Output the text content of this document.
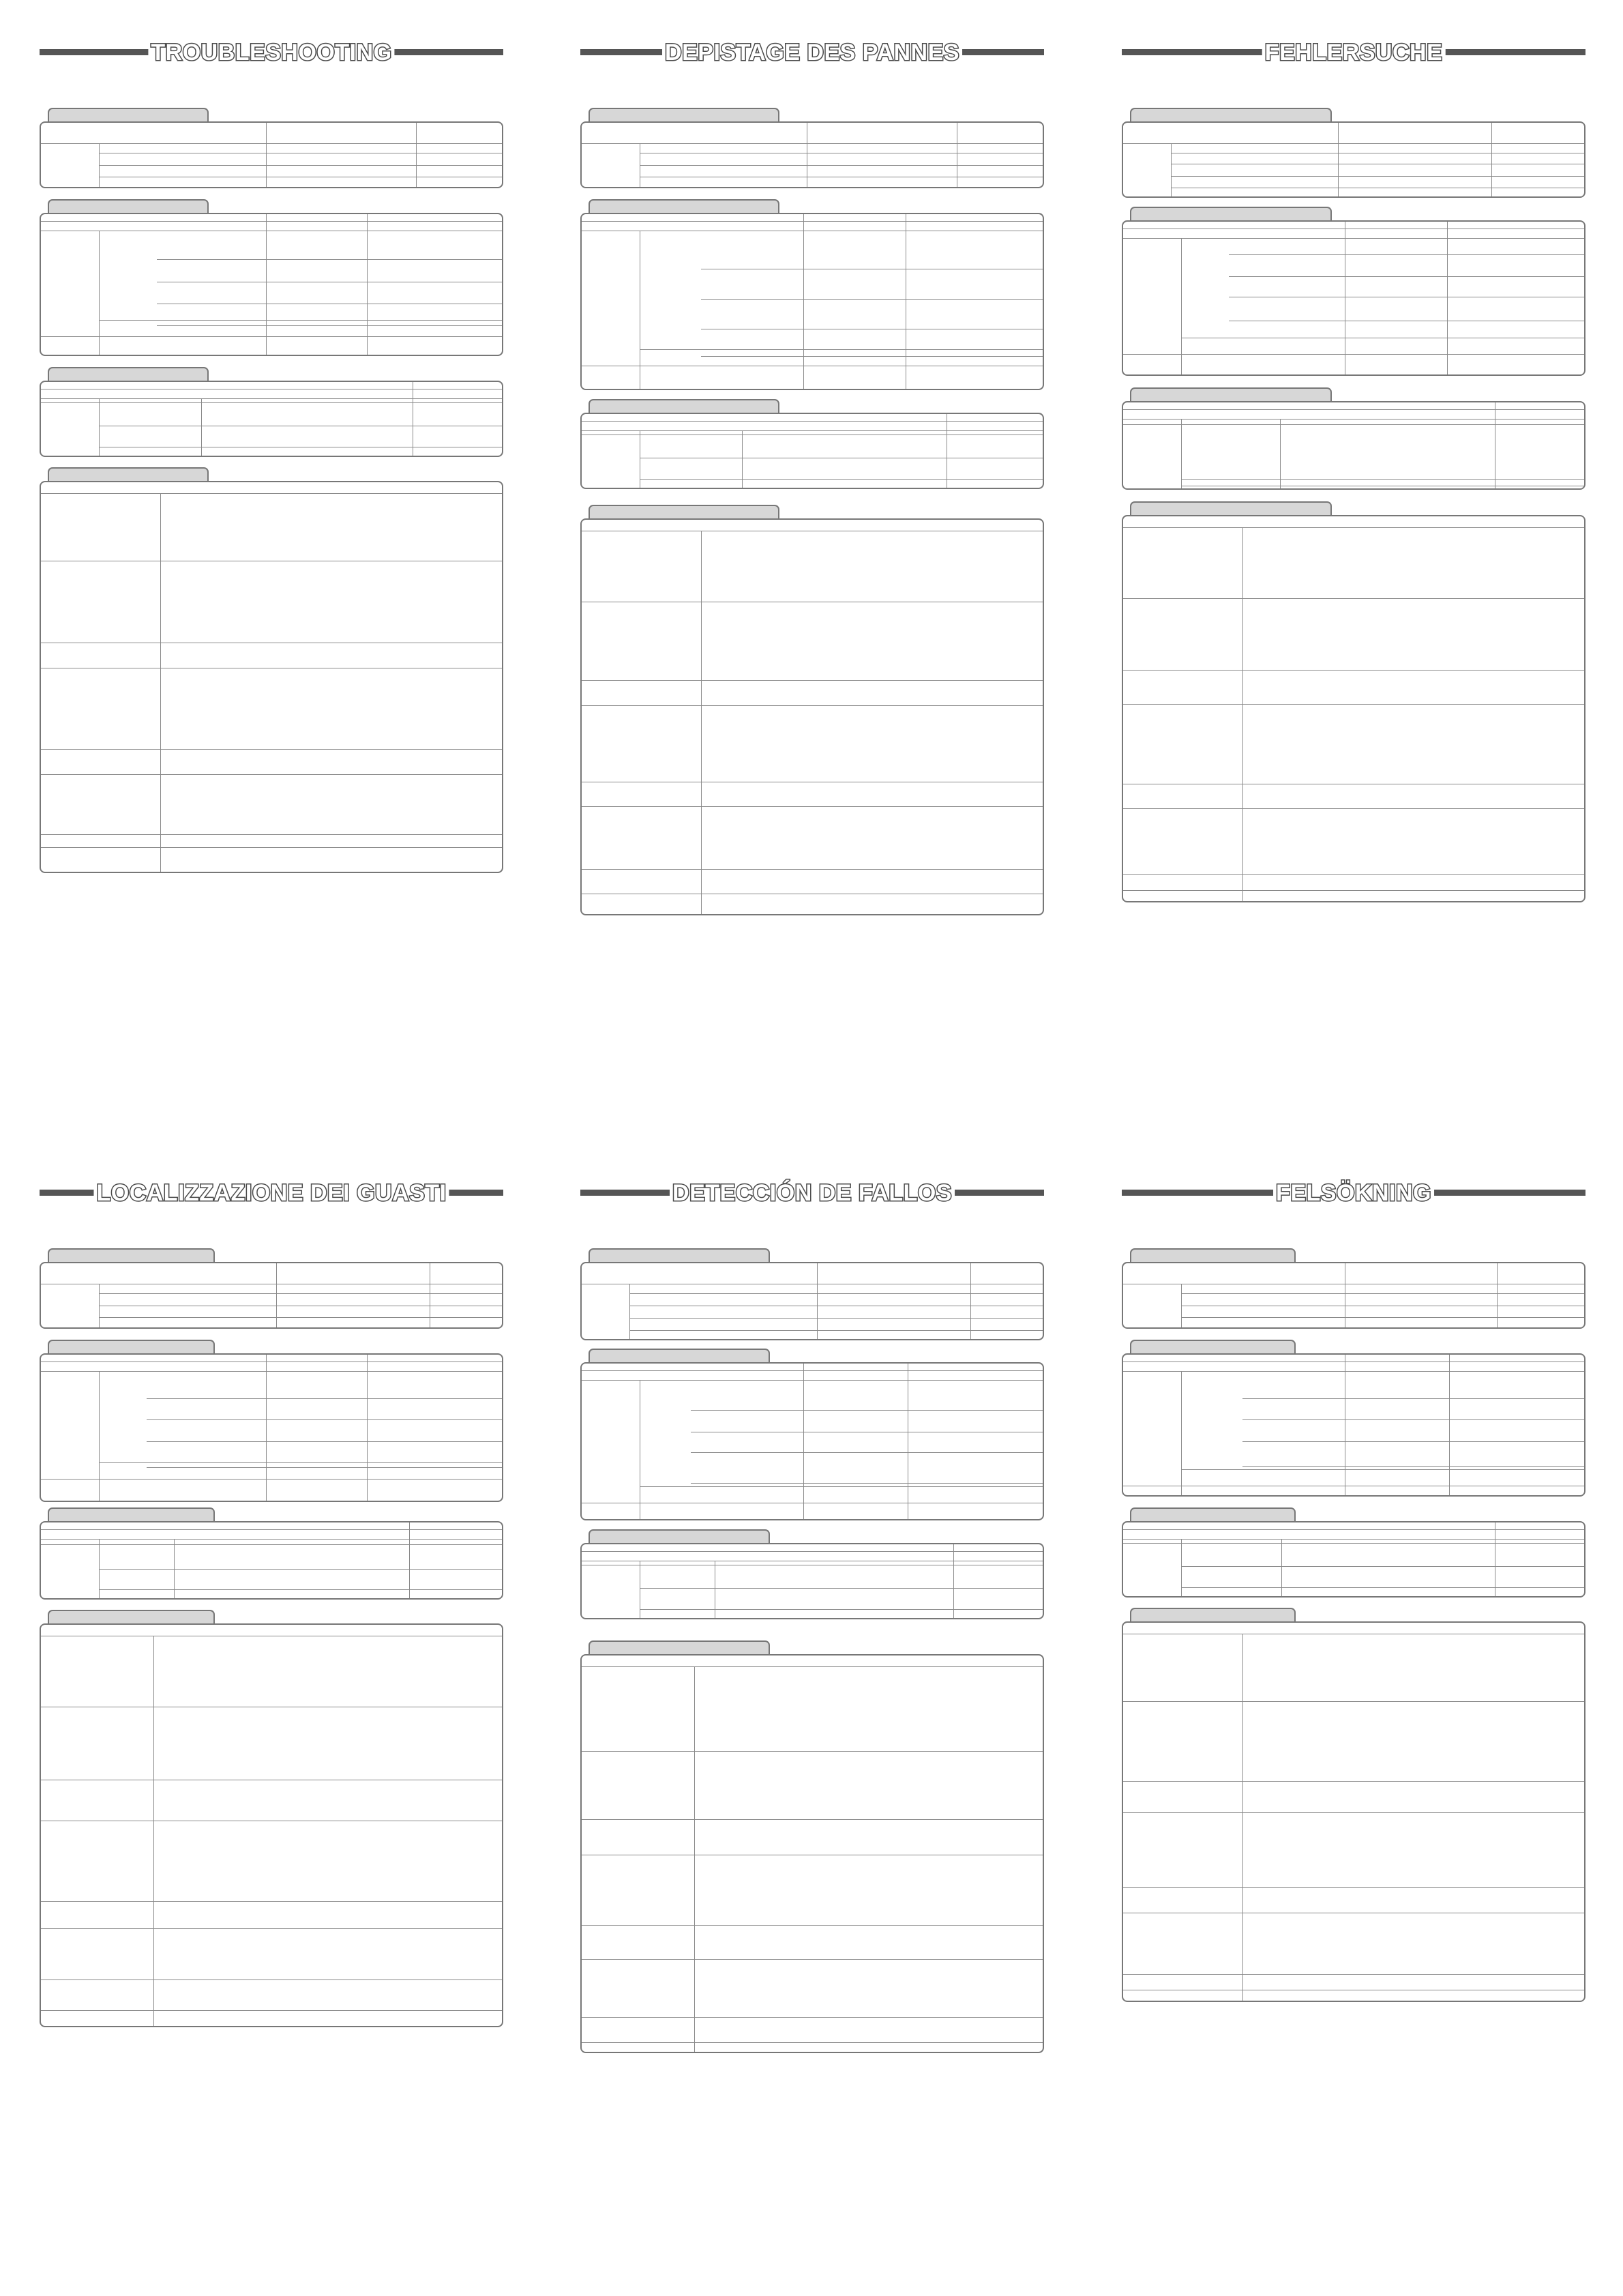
TROUBLESHOOTING	DEPISTAGE DES PANNES	FEHLERSUCHE
LOCALIZZAZIONE DEI GUASTI	DETECCIÓN DE FALLOS	FELSÖKNING
